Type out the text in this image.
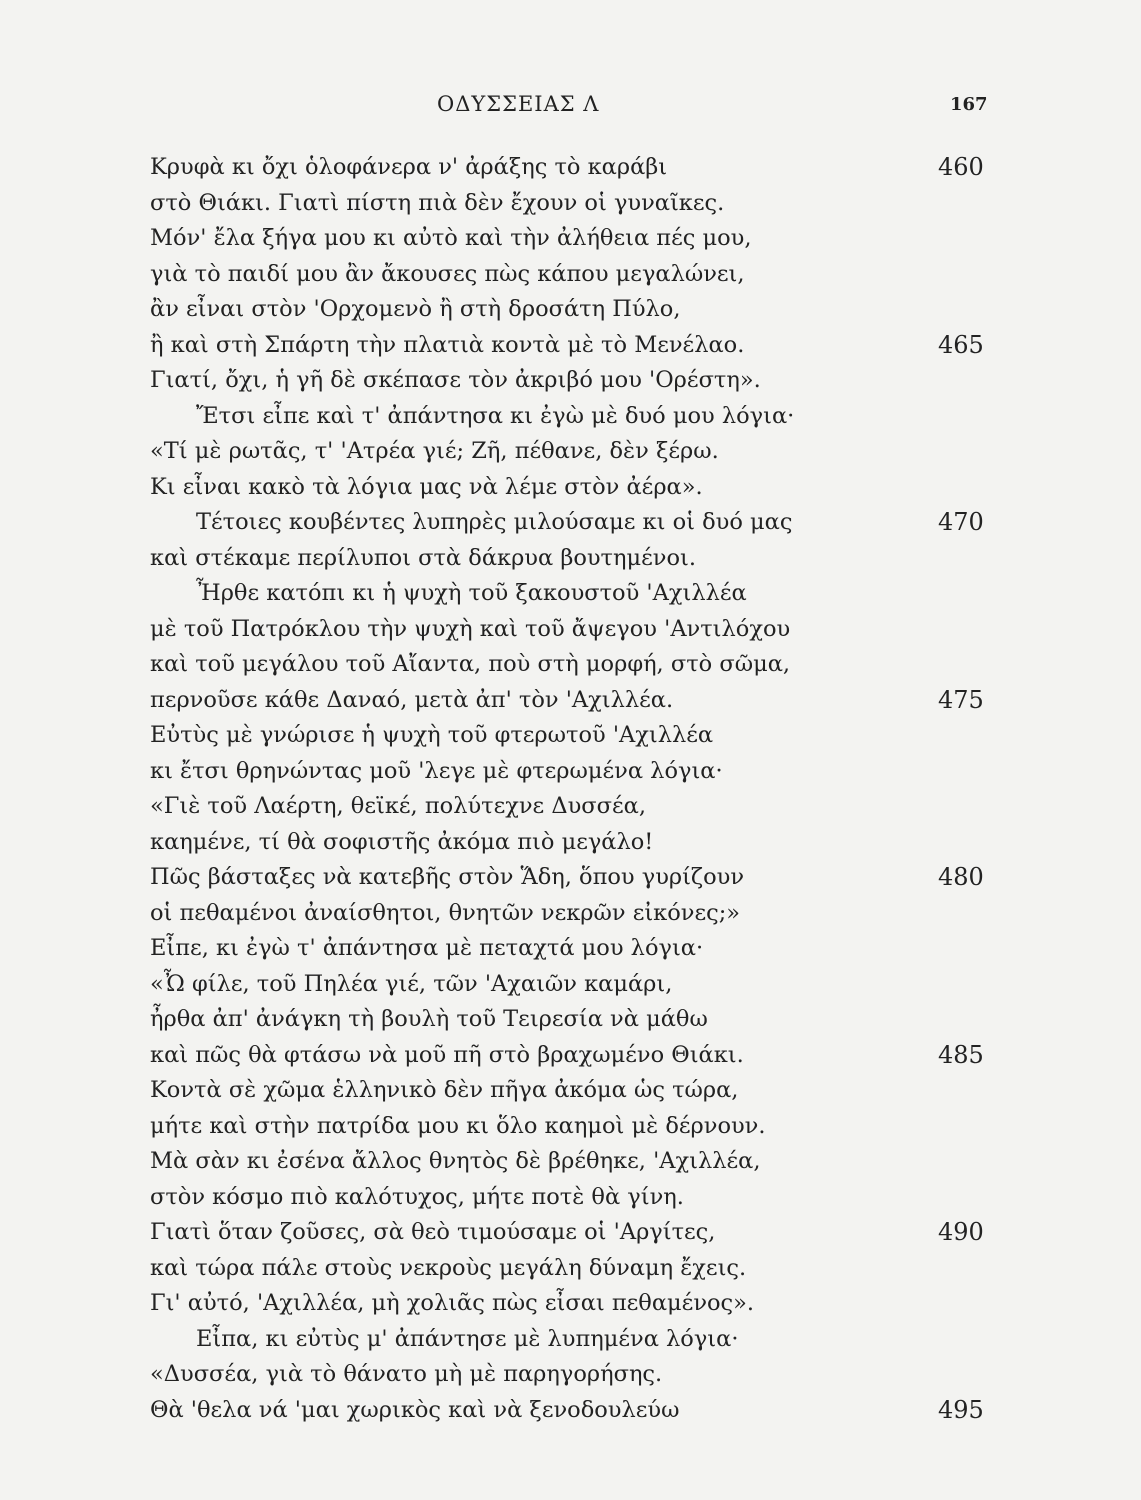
ΟΔΥΣΣΕΙΑΣ Λ	167
Κρυφὰ κι ὄχι ὁλοφάνερα ν' ἀράξης τὸ καράβι	460
στὸ Θιάκι. Γιατὶ πίστη πιὰ δὲν ἔχουν οἱ γυναῖκες.
Μόν' ἔλα ξήγα μου κι αὐτὸ καὶ τὴν ἀλήθεια πές μου,
γιὰ τὸ παιδί μου ἂν ἄκουσες πὼς κάπου μεγαλώνει,
ἂν εἶναι στὸν 'Ορχομενὸ ἢ στὴ δροσάτη Πύλο,
ἢ καὶ στὴ Σπάρτη τὴν πλατιὰ κοντὰ μὲ τὸ Μενέλαο.	465
Γιατί, ὄχι, ἡ γῆ δὲ σκέπασε τὸν ἀκριβό μου 'Ορέστη».
Ἔτσι εἶπε καὶ τ' ἀπάντησα κι ἐγὼ μὲ δυό μου λόγια·
«Τί μὲ ρωτᾶς, τ' 'Ατρέα γιέ; Ζῆ, πέθανε, δὲν ξέρω.
Κι εἶναι κακὸ τὰ λόγια μας νὰ λέμε στὸν ἀέρα».
Τέτοιες κουβέντες λυπηρὲς μιλούσαμε κι οἱ δυό μας	470
καὶ στέκαμε περίλυποι στὰ δάκρυα βουτημένοι.
Ἦρθε κατόπι κι ἡ ψυχὴ τοῦ ξακουστοῦ 'Αχιλλέα
μὲ τοῦ Πατρόκλου τὴν ψυχὴ καὶ τοῦ ἄψεγου 'Αντιλόχου
καὶ τοῦ μεγάλου τοῦ Αἴαντα, ποὺ στὴ μορφή, στὸ σῶμα,
περνοῦσε κάθε Δαναό, μετὰ ἀπ' τὸν 'Αχιλλέα.	475
Εὐτὺς μὲ γνώρισε ἡ ψυχὴ τοῦ φτερωτοῦ 'Αχιλλέα
κι ἔτσι θρηνώντας μοῦ 'λεγε μὲ φτερωμένα λόγια·
«Γιὲ τοῦ Λαέρτη, θεϊκέ, πολύτεχνε Δυσσέα,
καημένε, τί θὰ σοφιστῆς ἀκόμα πιὸ μεγάλο!
Πῶς βάσταξες νὰ κατεβῆς στὸν Ἅδη, ὅπου γυρίζουν	480
οἱ πεθαμένοι ἀναίσθητοι, θνητῶν νεκρῶν εἰκόνες;»
Εἶπε, κι ἐγὼ τ' ἀπάντησα μὲ πεταχτά μου λόγια·
«Ὦ φίλε, τοῦ Πηλέα γιέ, τῶν 'Αχαιῶν καμάρι,
ἦρθα ἀπ' ἀνάγκη τὴ βουλὴ τοῦ Τειρεσία νὰ μάθω
καὶ πῶς θὰ φτάσω νὰ μοῦ πῆ στὸ βραχωμένο Θιάκι.	485
Κοντὰ σὲ χῶμα ἑλληνικὸ δὲν πῆγα ἀκόμα ὡς τώρα,
μήτε καὶ στὴν πατρίδα μου κι ὅλο καημοὶ μὲ δέρνουν.
Μὰ σὰν κι ἐσένα ἄλλος θνητὸς δὲ βρέθηκε, 'Αχιλλέα,
στὸν κόσμο πιὸ καλότυχος, μήτε ποτὲ θὰ γίνη.
Γιατὶ ὅταν ζοῦσες, σὰ θεὸ τιμούσαμε οἱ 'Αργίτες,	490
καὶ τώρα πάλε στοὺς νεκροὺς μεγάλη δύναμη ἔχεις.
Γι' αὐτό, 'Αχιλλέα, μὴ χολιᾶς πὼς εἶσαι πεθαμένος».
Εἶπα, κι εὐτὺς μ' ἀπάντησε μὲ λυπημένα λόγια·
«Δυσσέα, γιὰ τὸ θάνατο μὴ μὲ παρηγορήσης.
Θὰ 'θελα νά 'μαι χωρικὸς καὶ νὰ ξενοδουλεύω	495
